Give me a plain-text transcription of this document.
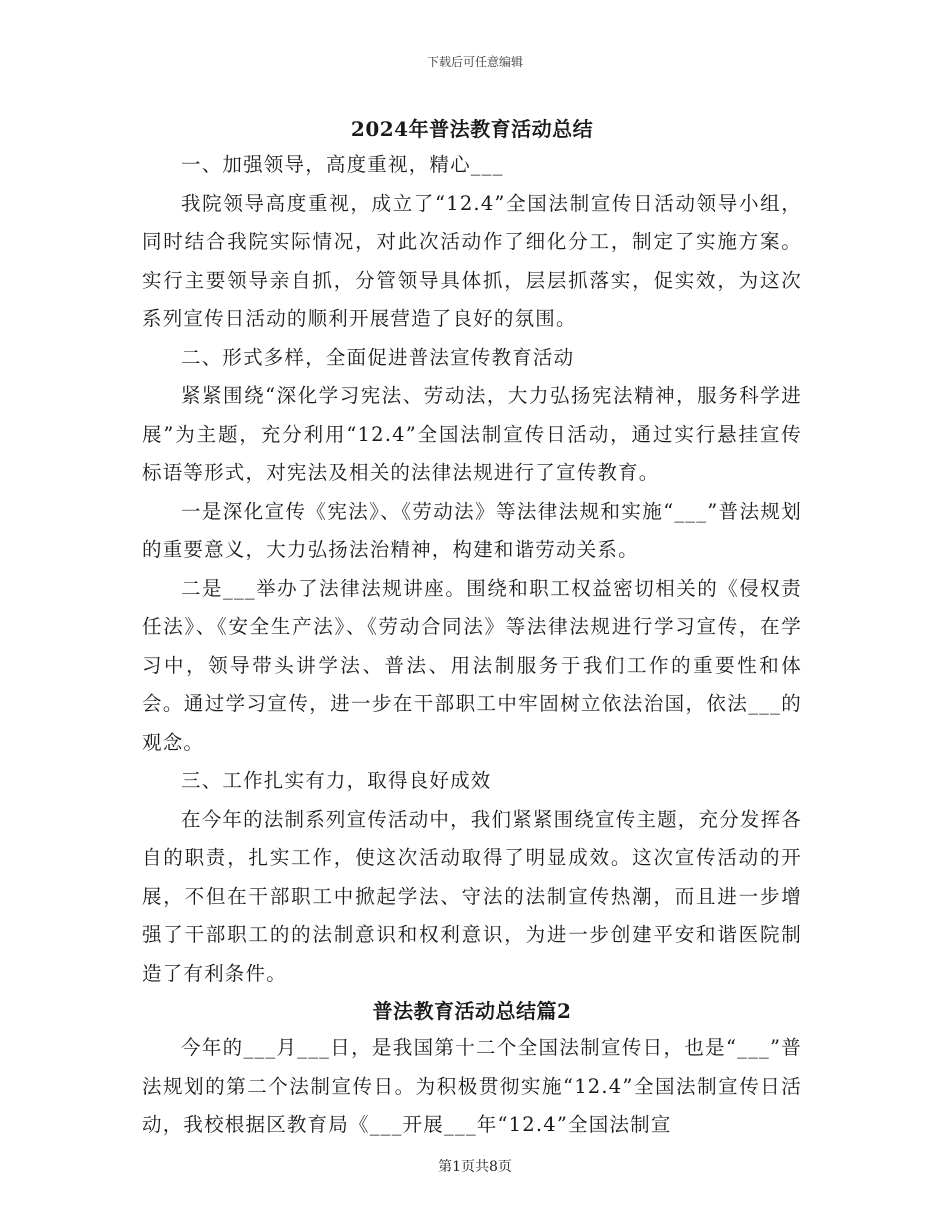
下载后可任意编辑

2024年普法教育活动总结

一、加强领导，高度重视，精心___

我院领导高度重视，成立了“12.4”全国法制宣传日活动领导小组，同时结合我院实际情况，对此次活动作了细化分工，制定了实施方案。实行主要领导亲自抓，分管领导具体抓，层层抓落实，促实效，为这次系列宣传日活动的顺利开展营造了良好的氛围。

二、形式多样，全面促进普法宣传教育活动

紧紧围绕“深化学习宪法、劳动法，大力弘扬宪法精神，服务科学进展”为主题，充分利用“12.4”全国法制宣传日活动，通过实行悬挂宣传标语等形式，对宪法及相关的法律法规进行了宣传教育。

一是深化宣传《宪法》、《劳动法》等法律法规和实施“___”普法规划的重要意义，大力弘扬法治精神，构建和谐劳动关系。

二是___举办了法律法规讲座。围绕和职工权益密切相关的《侵权责任法》、《安全生产法》、《劳动合同法》等法律法规进行学习宣传，在学习中，领导带头讲学法、普法、用法制服务于我们工作的重要性和体会。通过学习宣传，进一步在干部职工中牢固树立依法治国，依法___的观念。

三、工作扎实有力，取得良好成效

在今年的法制系列宣传活动中，我们紧紧围绕宣传主题，充分发挥各自的职责，扎实工作，使这次活动取得了明显成效。这次宣传活动的开展，不但在干部职工中掀起学法、守法的法制宣传热潮，而且进一步增强了干部职工的的法制意识和权利意识，为进一步创建平安和谐医院制造了有利条件。

普法教育活动总结篇2

今年的___月___日，是我国第十二个全国法制宣传日，也是“___”普法规划的第二个法制宣传日。为积极贯彻实施“12.4”全国法制宣传日活动，我校根据区教育局《___开展___年“12.4”全国法制宣

第1页共8页
